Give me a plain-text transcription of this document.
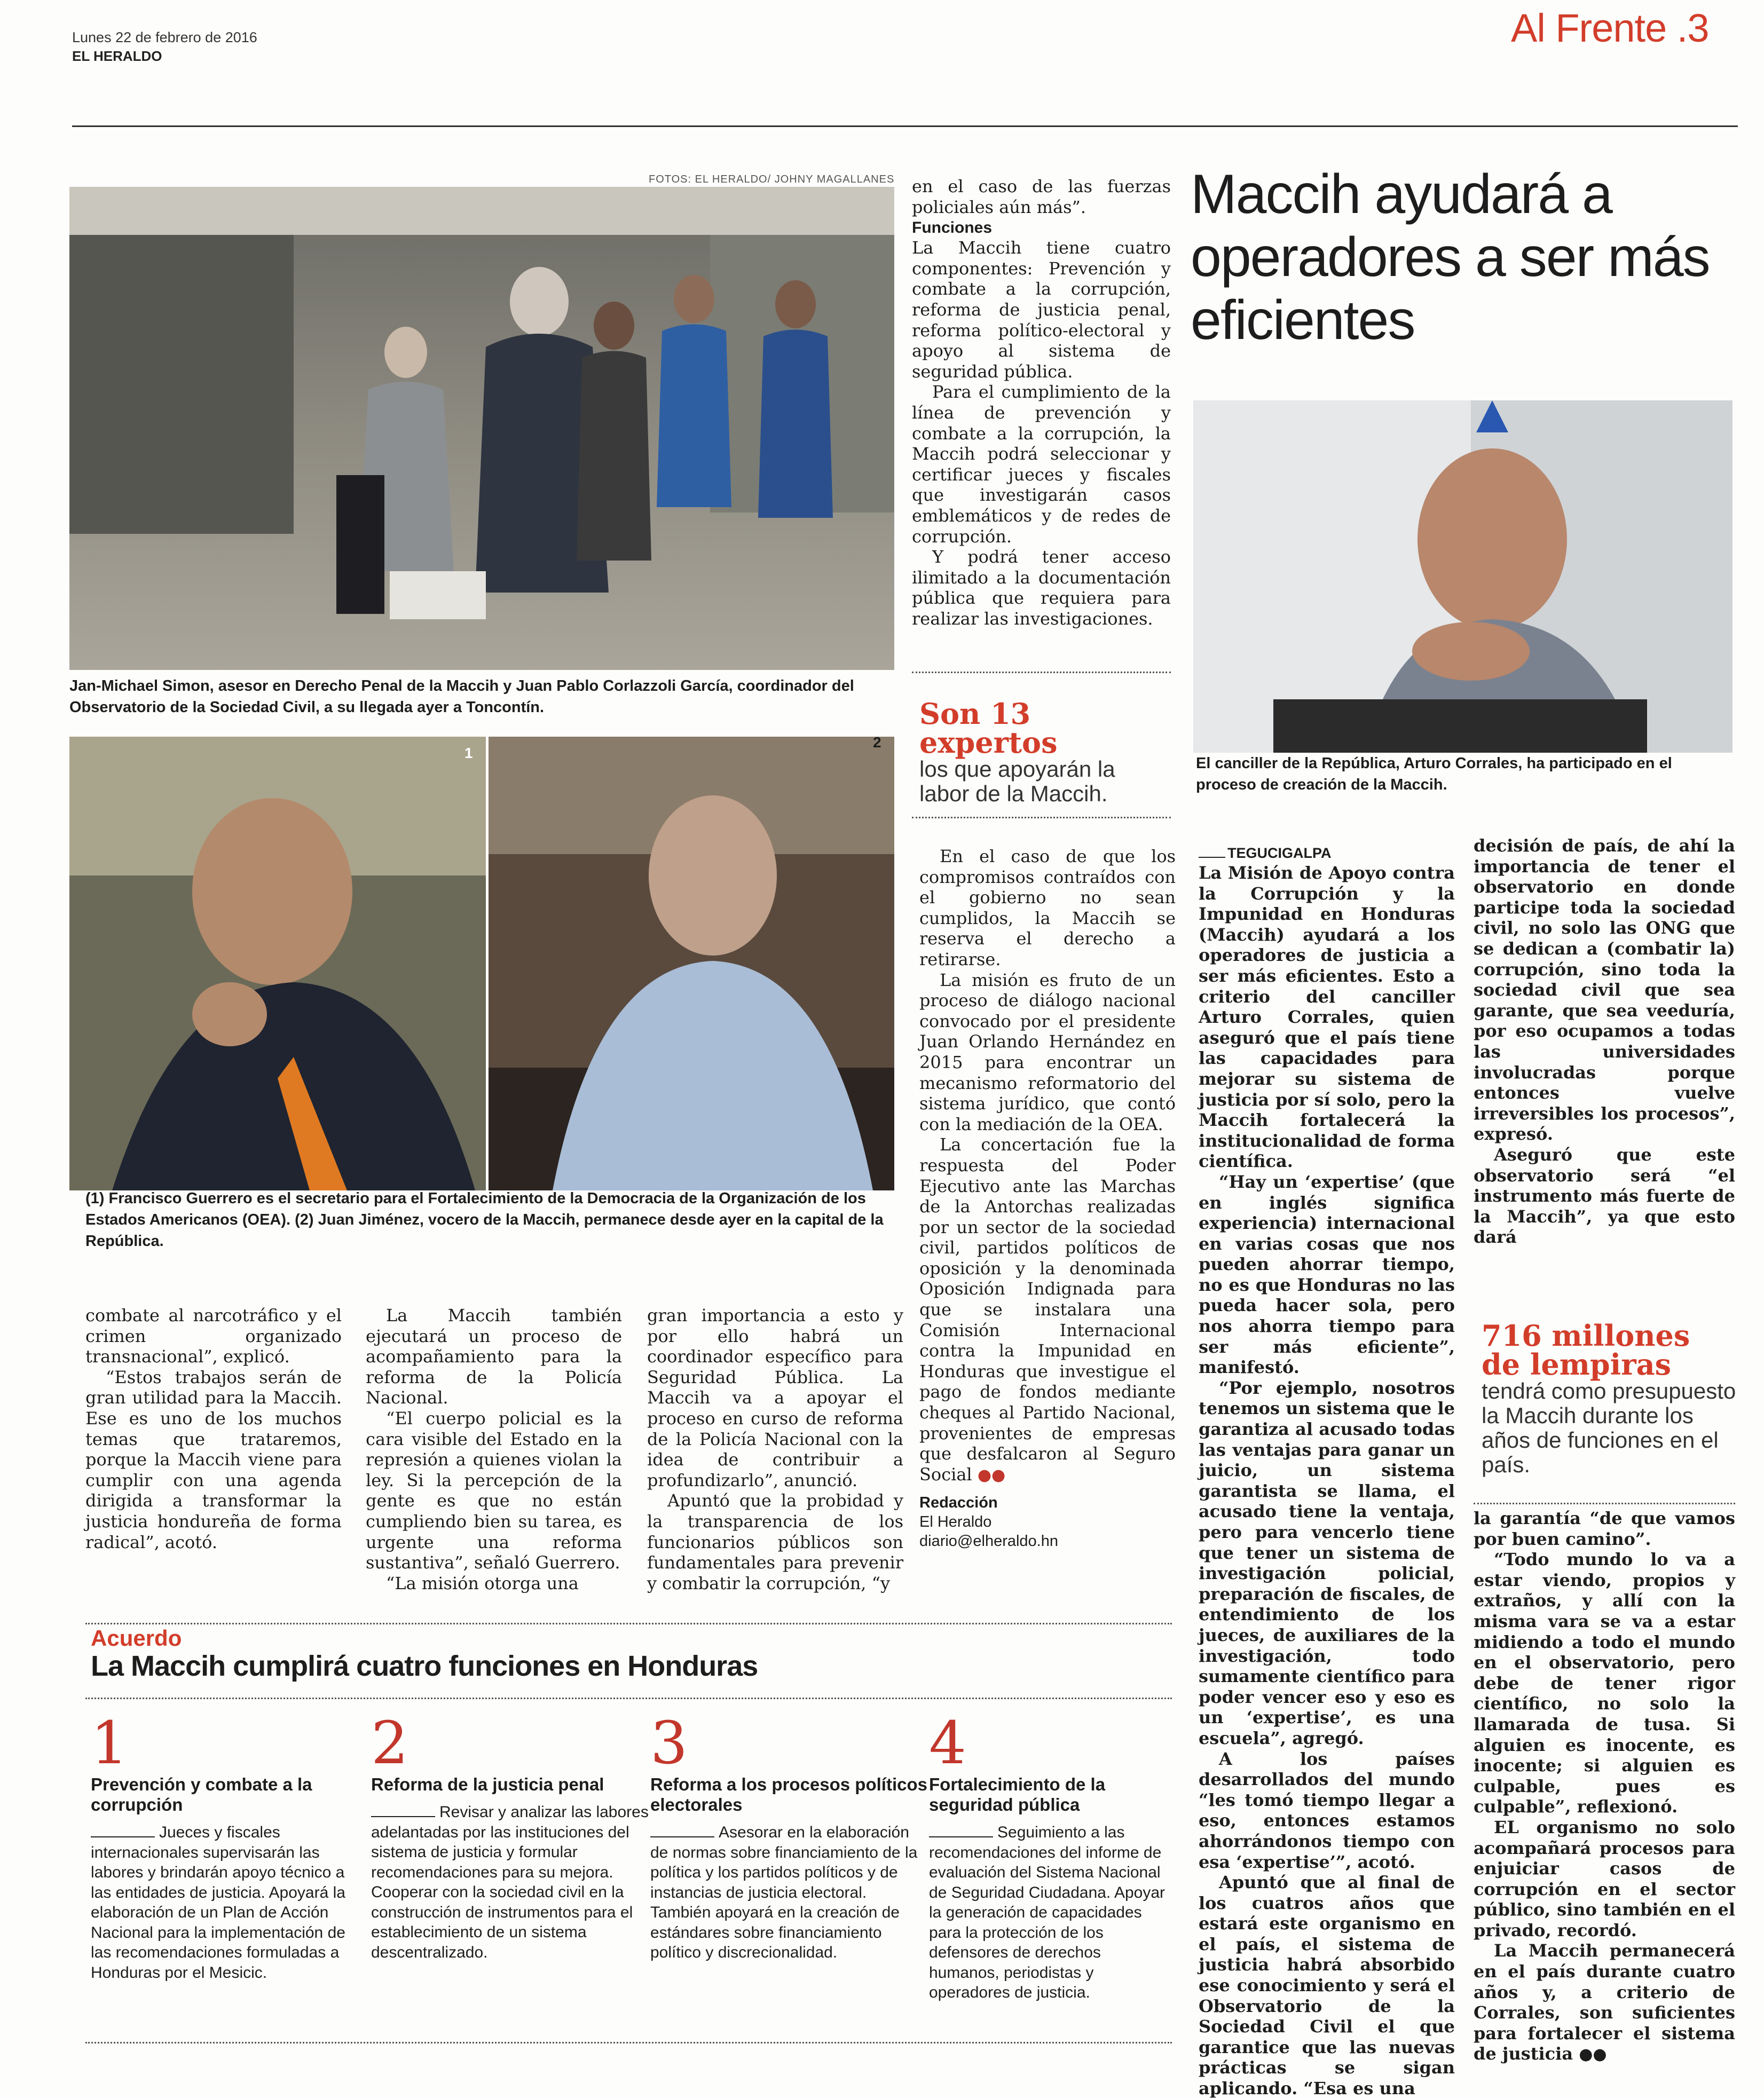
Lunes 22 de febrero de 2016
EL HERALDO
Al Frente .3
FOTOS: EL HERALDO/ JOHNY MAGALLANES
Jan-Michael Simon, asesor en Derecho Penal de la Maccih y Juan Pablo Corlazzoli García, coordinador del Observatorio de la Sociedad Civil, a su llegada ayer a Toncontín.
1
2
(1) Francisco Guerrero es el secretario para el Fortalecimiento de la Democracia de la Organización de los Estados Americanos (OEA). (2) Juan Jiménez, vocero de la Maccih, permanece desde ayer en la capital de la República.

en el caso de las fuerzas policiales aún más”.

Funciones

La Maccih tiene cuatro componentes: Prevención y combate a la corrupción, reforma de justicia penal, reforma político-electoral y apoyo al sistema de seguridad pública.

Para el cumplimiento de la línea de prevención y combate a la corrupción, la Maccih podrá seleccionar y certificar jueces y fiscales que investigarán casos emblemáticos y de redes de corrupción.

Y podrá tener acceso ilimitado a la documentación pública que requiera para realizar las investigaciones.

Son 13 expertos
los que apoyarán la labor de la Maccih.

En el caso de que los compromisos contraídos con el gobierno no sean cumplidos, la Maccih se reserva el derecho a retirarse.

La misión es fruto de un proceso de diálogo nacional convocado por el presidente Juan Orlando Hernández en 2015 para encontrar un mecanismo reformatorio del sistema jurídico, que contó con la mediación de la OEA.

La concertación fue la respuesta del Poder Ejecutivo ante las Marchas de la Antorchas realizadas por un sector de la sociedad civil, partidos políticos de oposición y la denominada Oposición Indignada para que se instalara una Comisión Internacional contra la Impunidad en Honduras que investigue el pago de fondos mediante cheques al Partido Nacional, provenientes de empresas que desfalcaron al Seguro Social ●●

Redacción
El Heraldo
diario@elheraldo.hn
Maccih ayudará a operadores a ser más eficientes
El canciller de la República, Arturo Corrales, ha participado en el proceso de creación de la Maccih.

TEGUCIGALPA

La Misión de Apoyo contra la Corrupción y la Impunidad en Honduras (Maccih) ayudará a los operadores de justicia a ser más eficientes. Esto a criterio del canciller Arturo Corrales, quien aseguró que el país tiene las capacidades para mejorar su sistema de justicia por sí solo, pero la Maccih fortalecerá la institucionalidad de forma científica.

“Hay un ‘expertise’ (que en inglés significa experiencia) internacional en varias cosas que nos pueden ahorrar tiempo, no es que Honduras no las pueda hacer sola, pero nos ahorra tiempo para ser más eficiente”, manifestó.

“Por ejemplo, nosotros tenemos un sistema que le garantiza al acusado todas las ventajas para ganar un juicio, un sistema garantista se llama, el acusado tiene la ventaja, pero para vencerlo tiene que tener un sistema de investigación policial, preparación de fiscales, de entendimiento de los jueces, de auxiliares de la investigación, todo sumamente científico para poder vencer eso y eso es un ‘expertise’, es una escuela”, agregó.

A los países desarrollados del mundo “les tomó tiempo llegar a eso, entonces estamos ahorrándonos tiempo con esa ‘expertise’”, acotó.

Apuntó que al final de los cuatros años que estará este organismo en el país, el sistema de justicia habrá absorbido ese conocimiento y será el Observatorio de la Sociedad Civil el que garantice que las nuevas prácticas se sigan aplicando. “Esa es una

decisión de país, de ahí la importancia de tener el observatorio en donde participe toda la sociedad civil, no solo las ONG que se dedican a (combatir la) corrupción, sino toda la sociedad civil que sea garante, que sea veeduría, por eso ocupamos a todas las universidades involucradas porque entonces vuelve irreversibles los procesos”, expresó.

Aseguró que este observatorio será “el instrumento más fuerte de la Maccih”, ya que esto dará

716 millones de lempiras
tendrá como presupuesto la Maccih durante los años de funciones en el país.

la garantía “de que vamos por buen camino”.

“Todo mundo lo va a estar viendo, propios y extraños, y allí con la misma vara se va a estar midiendo a todo el mundo en el observatorio, pero debe de tener rigor científico, no solo la llamarada de tusa. Si alguien es inocente, es inocente; si alguien es culpable, pues es culpable”, reflexionó.

EL organismo no solo acompañará procesos para enjuiciar casos de corrupción en el sector público, sino también en el privado, recordó.

La Maccih permanecerá en el país durante cuatro años y, a criterio de Corrales, son suficientes para fortalecer el sistema de justicia ●●

combate al narcotráfico y el crimen organizado transnacional”, explicó.

“Estos trabajos serán de gran utilidad para la Maccih. Ese es uno de los muchos temas que trataremos, porque la Maccih viene para cumplir con una agenda dirigida a transformar la justicia hondureña de forma radical”, acotó.

La Maccih también ejecutará un proceso de acompañamiento para la reforma de la Policía Nacional.

“El cuerpo policial es la cara visible del Estado en la represión a quienes violan la ley. Si la percepción de la gente es que no están cumpliendo bien su tarea, es urgente una reforma sustantiva”, señaló Guerrero.

“La misión otorga una

gran importancia a esto y por ello habrá un coordinador específico para Seguridad Pública. La Maccih va a apoyar el proceso en curso de reforma de la Policía Nacional con la idea de contribuir a profundizarlo”, anunció.

Apuntó que la probidad y la transparencia de los funcionarios públicos son fundamentales para prevenir y combatir la corrupción, “y

Acuerdo
La Maccih cumplirá cuatro funciones en Honduras
1
Prevención y combate a la corrupción
Jueces y fiscales internacionales supervisarán las labores y brindarán apoyo técnico a las entidades de justicia. Apoyará la elaboración de un Plan de Acción Nacional para la implementación de las recomendaciones formuladas a Honduras por el Mesicic.
2
Reforma de la justicia penal
Revisar y analizar las labores adelantadas por las instituciones del sistema de justicia y formular recomendaciones para su mejora. Cooperar con la sociedad civil en la construcción de instrumentos para el establecimiento de un sistema descentralizado.
3
Reforma a los procesos políticos electorales
Asesorar en la elaboración de normas sobre financiamiento de la política y los partidos políticos y de instancias de justicia electoral. También apoyará en la creación de estándares sobre financiamiento político y discrecionalidad.
4
Fortalecimiento de la seguridad pública
Seguimiento a las recomendaciones del informe de evaluación del Sistema Nacional de Seguridad Ciudadana. Apoyar la generación de capacidades para la protección de los defensores de derechos humanos, periodistas y operadores de justicia.
